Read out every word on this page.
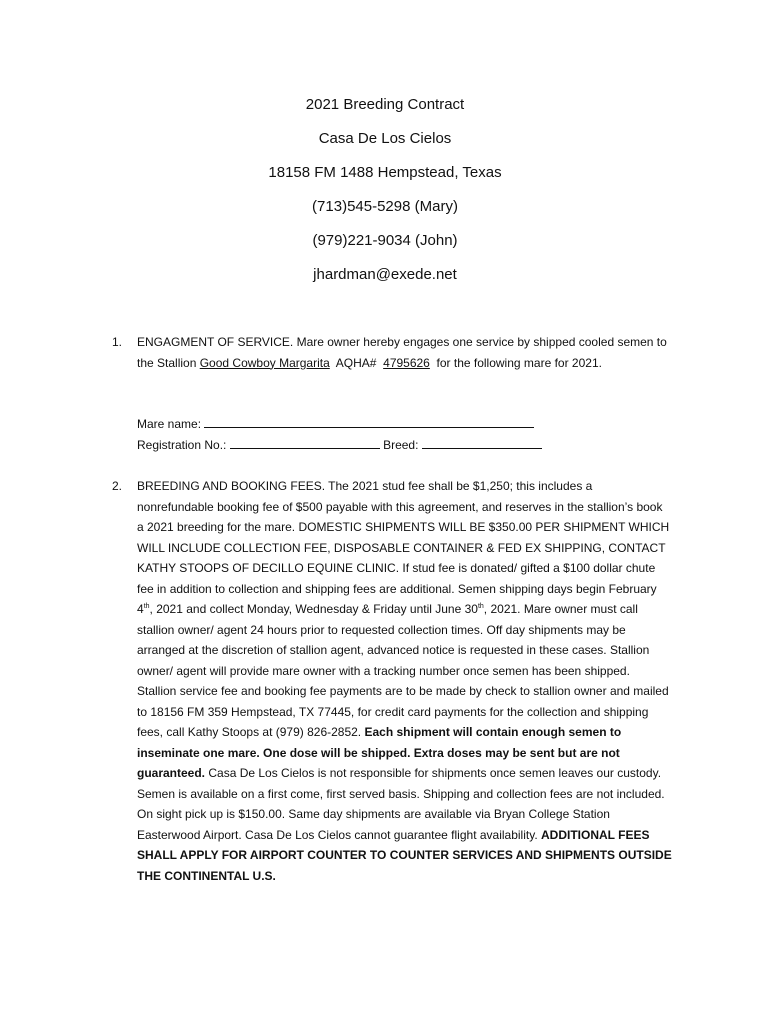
2021 Breeding Contract
Casa De Los Cielos
18158 FM 1488 Hempstead, Texas
(713)545-5298 (Mary)
(979)221-9034 (John)
jhardman@exede.net
1. ENGAGMENT OF SERVICE. Mare owner hereby engages one service by shipped cooled semen to the Stallion Good Cowboy Margarita  AQHA#  4795626  for the following mare for 2021.
Mare name:
Registration No.:	Breed:
2. BREEDING AND BOOKING FEES. The 2021 stud fee shall be $1,250; this includes a nonrefundable booking fee of $500 payable with this agreement, and reserves in the stallion’s book a 2021 breeding for the mare. DOMESTIC SHIPMENTS WILL BE $350.00 PER SHIPMENT WHICH WILL INCLUDE COLLECTION FEE, DISPOSABLE CONTAINER & FED EX SHIPPING, CONTACT KATHY STOOPS OF DECILLO EQUINE CLINIC. If stud fee is donated/ gifted a $100 dollar chute fee in addition to collection and shipping fees are additional. Semen shipping days begin February 4th, 2021 and collect Monday, Wednesday & Friday until June 30th, 2021. Mare owner must call stallion owner/ agent 24 hours prior to requested collection times. Off day shipments may be arranged at the discretion of stallion agent, advanced notice is requested in these cases. Stallion owner/ agent will provide mare owner with a tracking number once semen has been shipped. Stallion service fee and booking fee payments are to be made by check to stallion owner and mailed to 18156 FM 359 Hempstead, TX 77445, for credit card payments for the collection and shipping fees, call Kathy Stoops at (979) 826-2852. Each shipment will contain enough semen to inseminate one mare. One dose will be shipped. Extra doses may be sent but are not guaranteed. Casa De Los Cielos is not responsible for shipments once semen leaves our custody. Semen is available on a first come, first served basis. Shipping and collection fees are not included. On sight pick up is $150.00. Same day shipments are available via Bryan College Station Easterwood Airport. Casa De Los Cielos cannot guarantee flight availability. ADDITIONAL FEES SHALL APPLY FOR AIRPORT COUNTER TO COUNTER SERVICES AND SHIPMENTS OUTSIDE THE CONTINENTAL U.S.
